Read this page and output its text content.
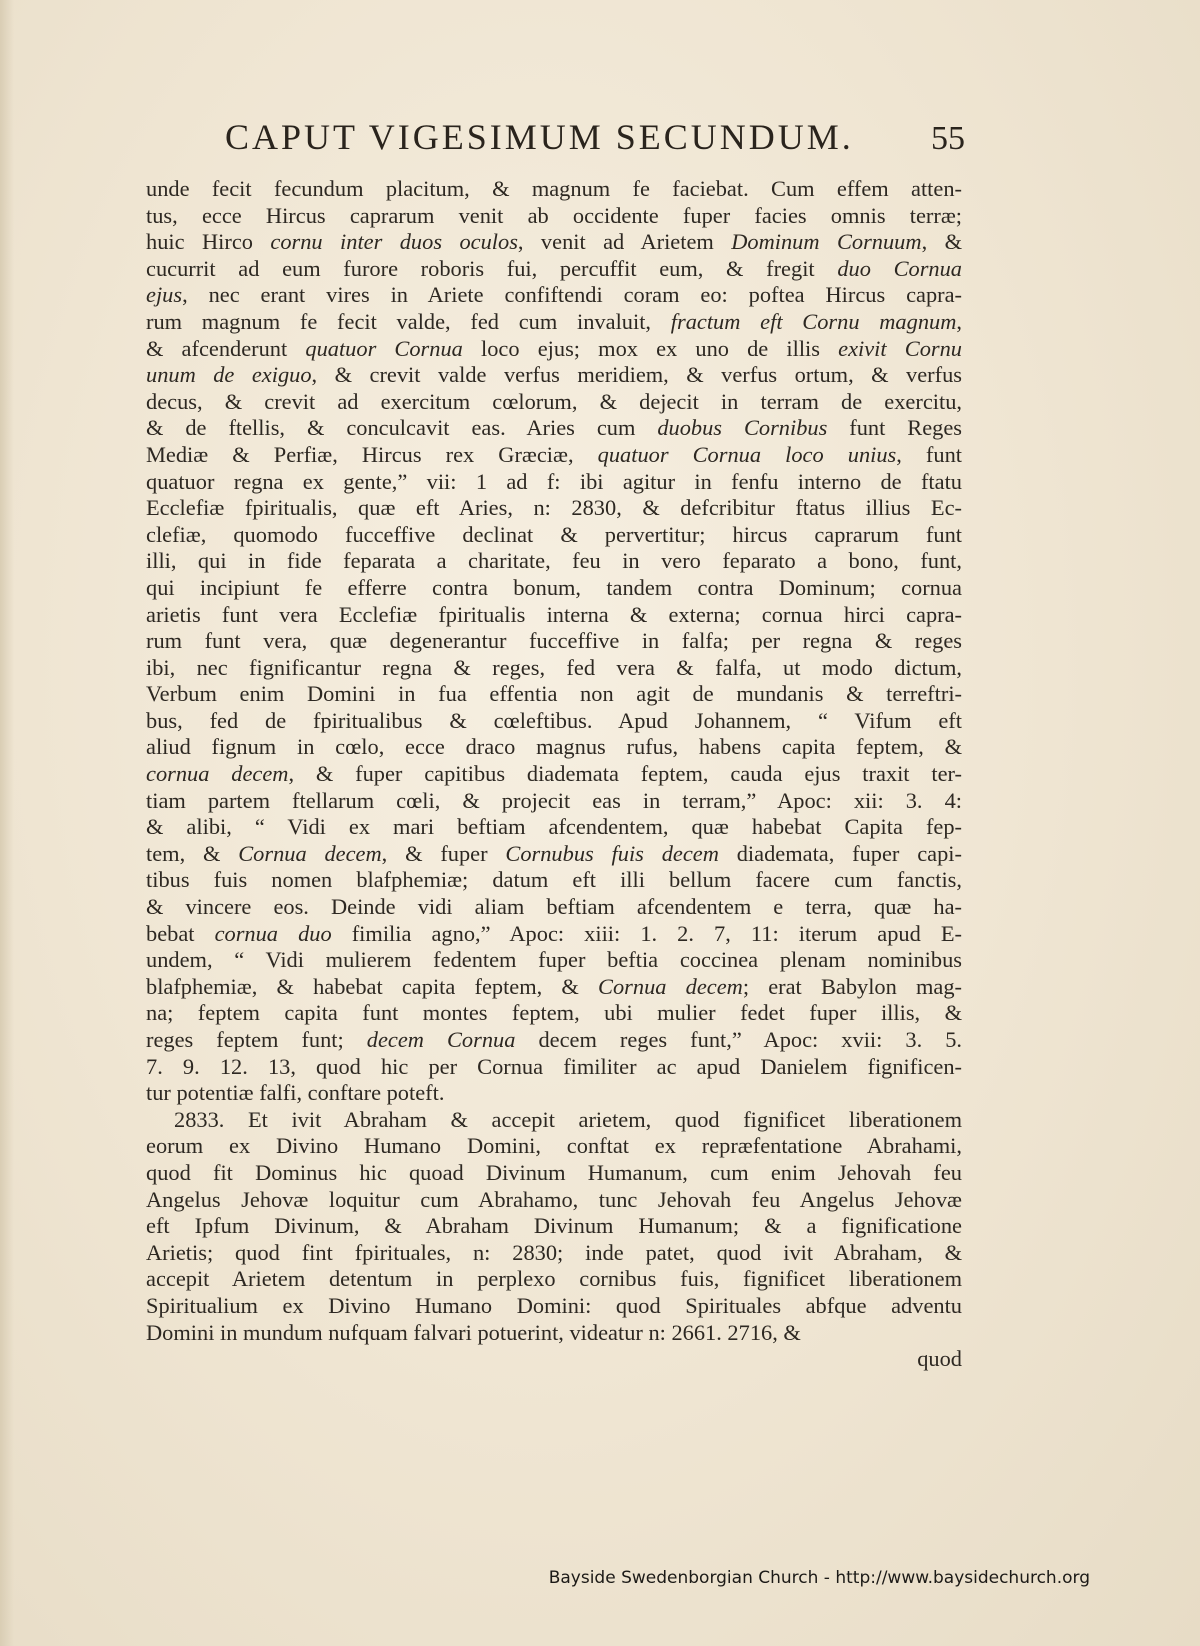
CAPUT VIGESIMUM SECUNDUM. 55
unde fecit fecundum placitum, & magnum fe faciebat. Cum effem atten-
tus, ecce Hircus caprarum venit ab occidente fuper facies omnis terræ;
huic Hirco cornu inter duos oculos, venit ad Arietem Dominum Cornuum, &
cucurrit ad eum furore roboris fui, percuffit eum, & fregit duo Cornua
ejus, nec erant vires in Ariete confiftendi coram eo: poftea Hircus capra-
rum magnum fe fecit valde, fed cum invaluit, fractum eft Cornu magnum,
& afcenderunt quatuor Cornua loco ejus; mox ex uno de illis exivit Cornu
unum de exiguo, & crevit valde verfus meridiem, & verfus ortum, & verfus
decus, & crevit ad exercitum cœlorum, & dejecit in terram de exercitu,
& de ftellis, & conculcavit eas. Aries cum duobus Cornibus funt Reges
Mediæ & Perfiæ, Hircus rex Græciæ, quatuor Cornua loco unius, funt
quatuor regna ex gente,” vii: 1 ad f: ibi agitur in fenfu interno de ftatu
Ecclefiæ fpiritualis, quæ eft Aries, n: 2830, & defcribitur ftatus illius Ec-
clefiæ, quomodo fucceffive declinat & pervertitur; hircus caprarum funt
illi, qui in fide feparata a charitate, feu in vero feparato a bono, funt,
qui incipiunt fe efferre contra bonum, tandem contra Dominum; cornua
arietis funt vera Ecclefiæ fpiritualis interna & externa; cornua hirci capra-
rum funt vera, quæ degenerantur fucceffive in falfa; per regna & reges
ibi, nec fignificantur regna & reges, fed vera & falfa, ut modo dictum,
Verbum enim Domini in fua effentia non agit de mundanis & terreftri-
bus, fed de fpiritualibus & cœleftibus. Apud Johannem, “ Vifum eft
aliud fignum in cœlo, ecce draco magnus rufus, habens capita feptem, &
cornua decem, & fuper capitibus diademata feptem, cauda ejus traxit ter-
tiam partem ftellarum cœli, & projecit eas in terram,” Apoc: xii: 3. 4:
& alibi, “ Vidi ex mari beftiam afcendentem, quæ habebat Capita fep-
tem, & Cornua decem, & fuper Cornubus fuis decem diademata, fuper capi-
tibus fuis nomen blafphemiæ; datum eft illi bellum facere cum fanctis,
& vincere eos. Deinde vidi aliam beftiam afcendentem e terra, quæ ha-
bebat cornua duo fimilia agno,” Apoc: xiii: 1. 2. 7, 11: iterum apud E-
undem, “ Vidi mulierem fedentem fuper beftia coccinea plenam nominibus
blafphemiæ, & habebat capita feptem, & Cornua decem; erat Babylon mag-
na; feptem capita funt montes feptem, ubi mulier fedet fuper illis, &
reges feptem funt; decem Cornua decem reges funt,” Apoc: xvii: 3. 5.
7. 9. 12. 13, quod hic per Cornua fimiliter ac apud Danielem fignificen-
tur potentiæ falfi, conftare poteft.
2833. Et ivit Abraham & accepit arietem, quod fignificet liberationem
eorum ex Divino Humano Domini, conftat ex repræfentatione Abrahami,
quod fit Dominus hic quoad Divinum Humanum, cum enim Jehovah feu
Angelus Jehovæ loquitur cum Abrahamo, tunc Jehovah feu Angelus Jehovæ
eft Ipfum Divinum, & Abraham Divinum Humanum; & a fignificatione
Arietis; quod fint fpirituales, n: 2830; inde patet, quod ivit Abraham, &
accepit Arietem detentum in perplexo cornibus fuis, fignificet liberationem
Spiritualium ex Divino Humano Domini: quod Spirituales abfque adventu
Domini in mundum nufquam falvari potuerint, videatur n: 2661. 2716, &
quod
Bayside Swedenborgian Church - http://www.baysidechurch.org
